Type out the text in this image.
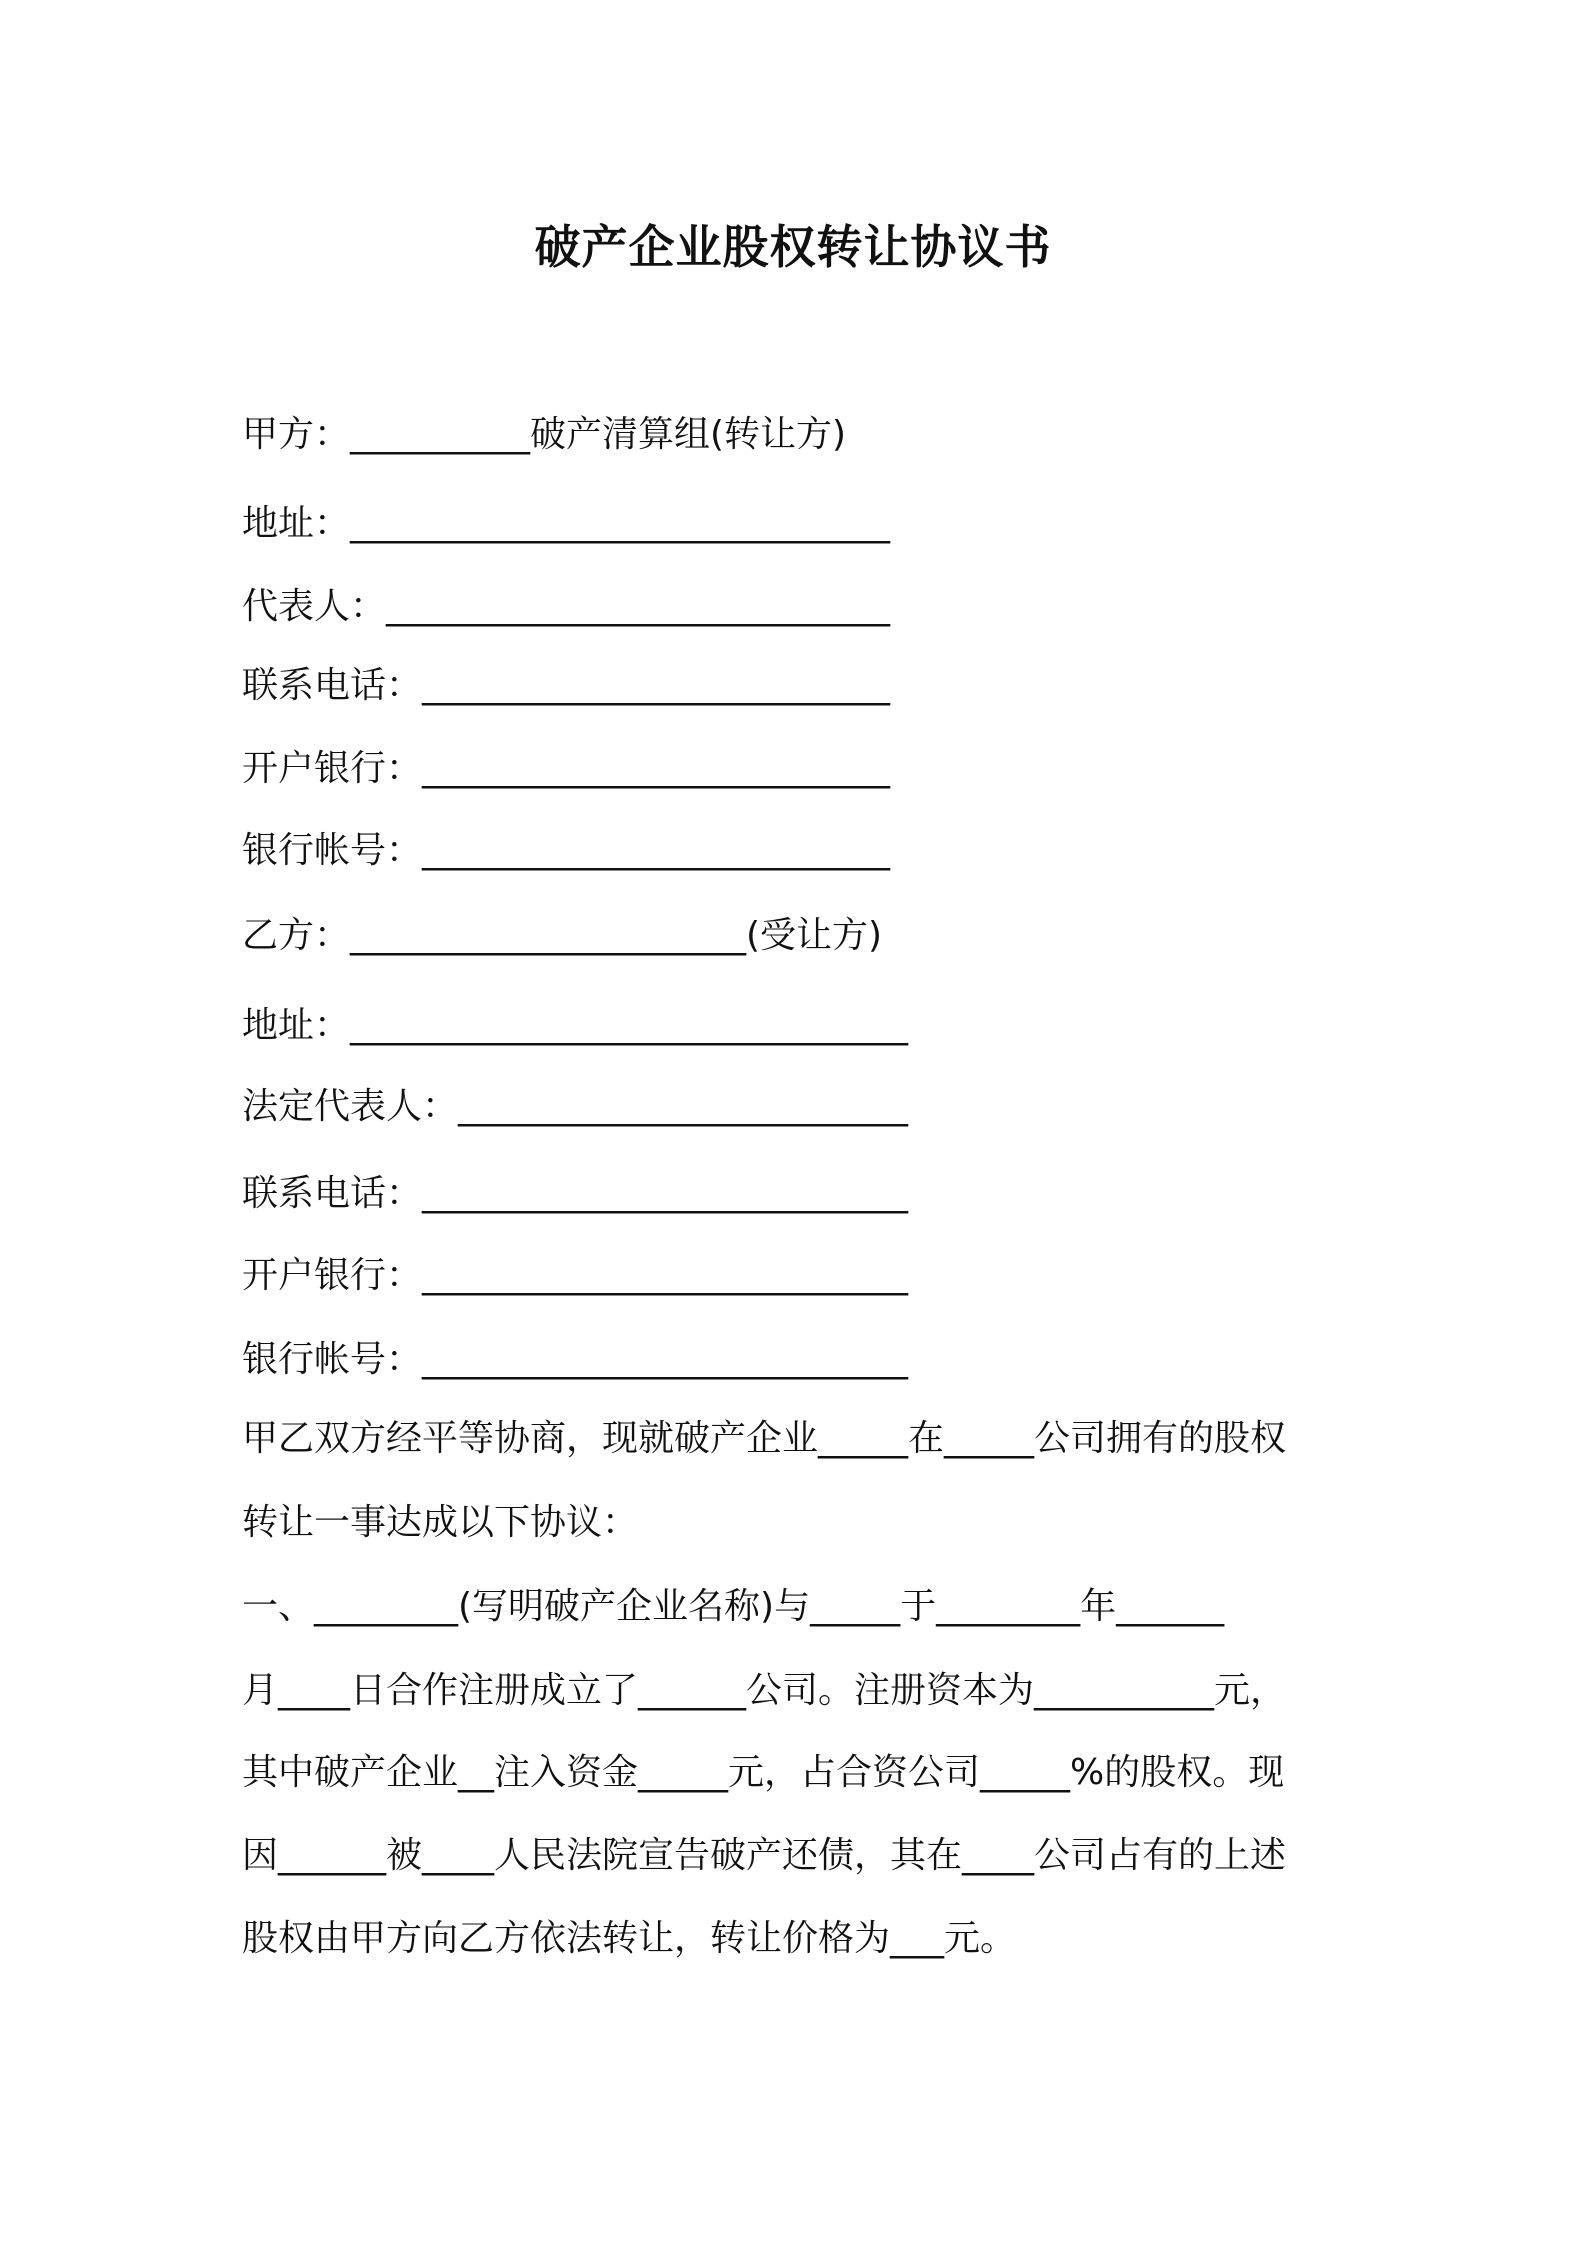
破产企业股权转让协议书
甲方：__________破产清算组(转让方)
地址：______________________________
代表人：____________________________
联系电话：__________________________
开户银行：__________________________
银行帐号：__________________________
乙方：______________________(受让方)
地址：_______________________________
法定代表人：_________________________
联系电话：___________________________
开户银行：___________________________
银行帐号：___________________________
甲乙双方经平等协商，现就破产企业_____在_____公司拥有的股权
转让一事达成以下协议：
一、________(写明破产企业名称)与_____于________年______
月____日合作注册成立了______公司。注册资本为__________元，
其中破产企业__注入资金_____元，占合资公司_____%的股权。现
因______被____人民法院宣告破产还债，其在____公司占有的上述
股权由甲方向乙方依法转让，转让价格为___元。
